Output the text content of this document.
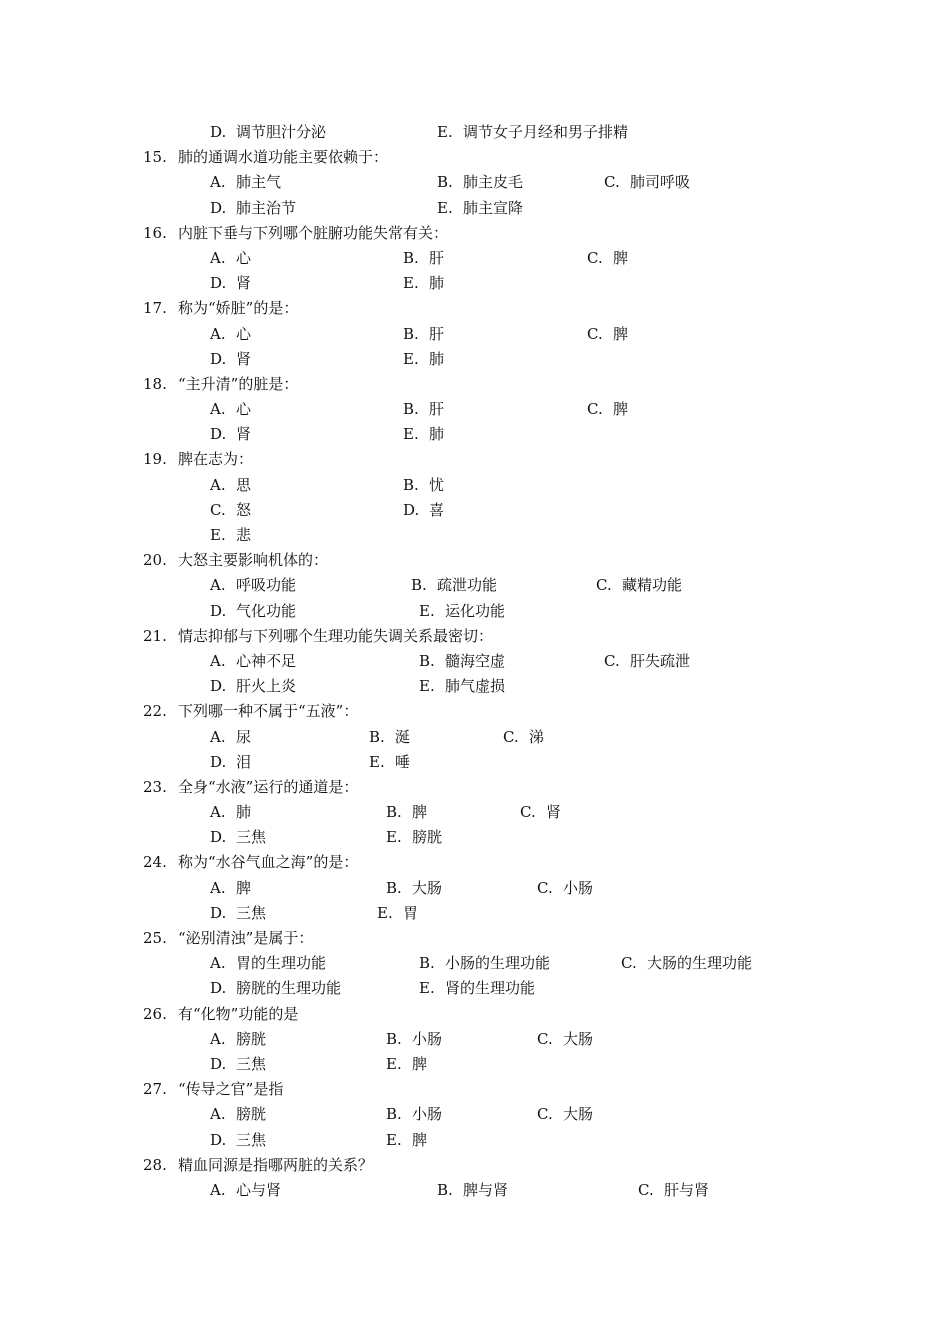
D. 调节胆汁分泌	E. 调节女子月经和男子排精
15. 肺的通调水道功能主要依赖于：
A. 肺主气	B. 肺主皮毛	C. 肺司呼吸
D. 肺主治节	E. 肺主宣降
16. 内脏下垂与下列哪个脏腑功能失常有关：
A. 心	B. 肝	C. 脾
D. 肾	E. 肺
17. 称为“娇脏”的是：
A. 心	B. 肝	C. 脾
D. 肾	E. 肺
18. “主升清”的脏是：
A. 心	B. 肝	C. 脾
D. 肾	E. 肺
19. 脾在志为：
A. 思	B. 忧
C. 怒	D. 喜
E. 悲
20. 大怒主要影响机体的：
A. 呼吸功能	B. 疏泄功能	C. 藏精功能
D. 气化功能	E. 运化功能
21. 情志抑郁与下列哪个生理功能失调关系最密切：
A. 心神不足	B. 髓海空虚	C. 肝失疏泄
D. 肝火上炎	E. 肺气虚损
22. 下列哪一种不属于“五液”：
A. 尿	B. 涎	C. 涕
D. 泪	E. 唾
23. 全身“水液”运行的通道是：
A. 肺	B. 脾	C. 肾
D. 三焦	E. 膀胱
24. 称为“水谷气血之海”的是：
A. 脾	B. 大肠	C. 小肠
D. 三焦	E. 胃
25. “泌别清浊”是属于：
A. 胃的生理功能	B. 小肠的生理功能	C. 大肠的生理功能
D. 膀胱的生理功能	E. 肾的生理功能
26. 有“化物”功能的是
A. 膀胱	B. 小肠	C. 大肠
D. 三焦	E. 脾
27. “传导之官”是指
A. 膀胱	B. 小肠	C. 大肠
D. 三焦	E. 脾
28. 精血同源是指哪两脏的关系？
A. 心与肾	B. 脾与肾	C. 肝与肾
